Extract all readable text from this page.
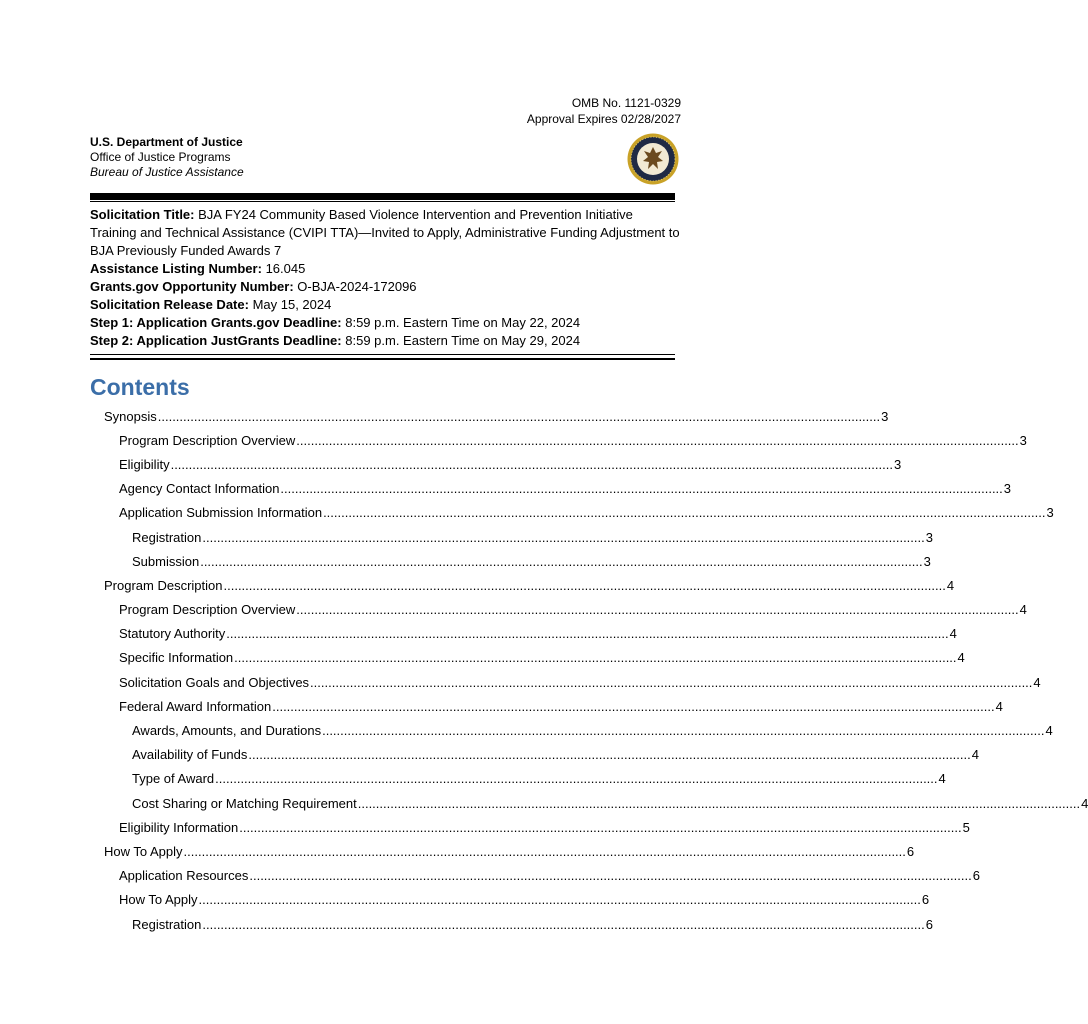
OMB No. 1121-0329
Approval Expires 02/28/2027
U.S. Department of Justice
Office of Justice Programs
Bureau of Justice Assistance
Solicitation Title: BJA FY24 Community Based Violence Intervention and Prevention Initiative Training and Technical Assistance (CVIPI TTA)—Invited to Apply, Administrative Funding Adjustment to BJA Previously Funded Awards 7
Assistance Listing Number: 16.045
Grants.gov Opportunity Number: O-BJA-2024-172096
Solicitation Release Date: May 15, 2024
Step 1: Application Grants.gov Deadline: 8:59 p.m. Eastern Time on May 22, 2024
Step 2: Application JustGrants Deadline: 8:59 p.m. Eastern Time on May 29, 2024
Contents
Synopsis ........................................................................................................................................................................................................ 3
Program Description Overview ........................................................................................................................................................................................................ 3
Eligibility ........................................................................................................................................................................................................ 3
Agency Contact Information ........................................................................................................................................................................................................ 3
Application Submission Information ........................................................................................................................................................................................................ 3
Registration ........................................................................................................................................................................................................ 3
Submission ........................................................................................................................................................................................................ 3
Program Description ........................................................................................................................................................................................................ 4
Program Description Overview ........................................................................................................................................................................................................ 4
Statutory Authority ........................................................................................................................................................................................................ 4
Specific Information ........................................................................................................................................................................................................ 4
Solicitation Goals and Objectives ........................................................................................................................................................................................................ 4
Federal Award Information ........................................................................................................................................................................................................ 4
Awards, Amounts, and Durations ........................................................................................................................................................................................................ 4
Availability of Funds ........................................................................................................................................................................................................ 4
Type of Award ........................................................................................................................................................................................................ 4
Cost Sharing or Matching Requirement ........................................................................................................................................................................................................ 4
Eligibility Information ........................................................................................................................................................................................................ 5
How To Apply ........................................................................................................................................................................................................ 6
Application Resources ........................................................................................................................................................................................................ 6
How To Apply ........................................................................................................................................................................................................ 6
Registration ........................................................................................................................................................................................................ 6
